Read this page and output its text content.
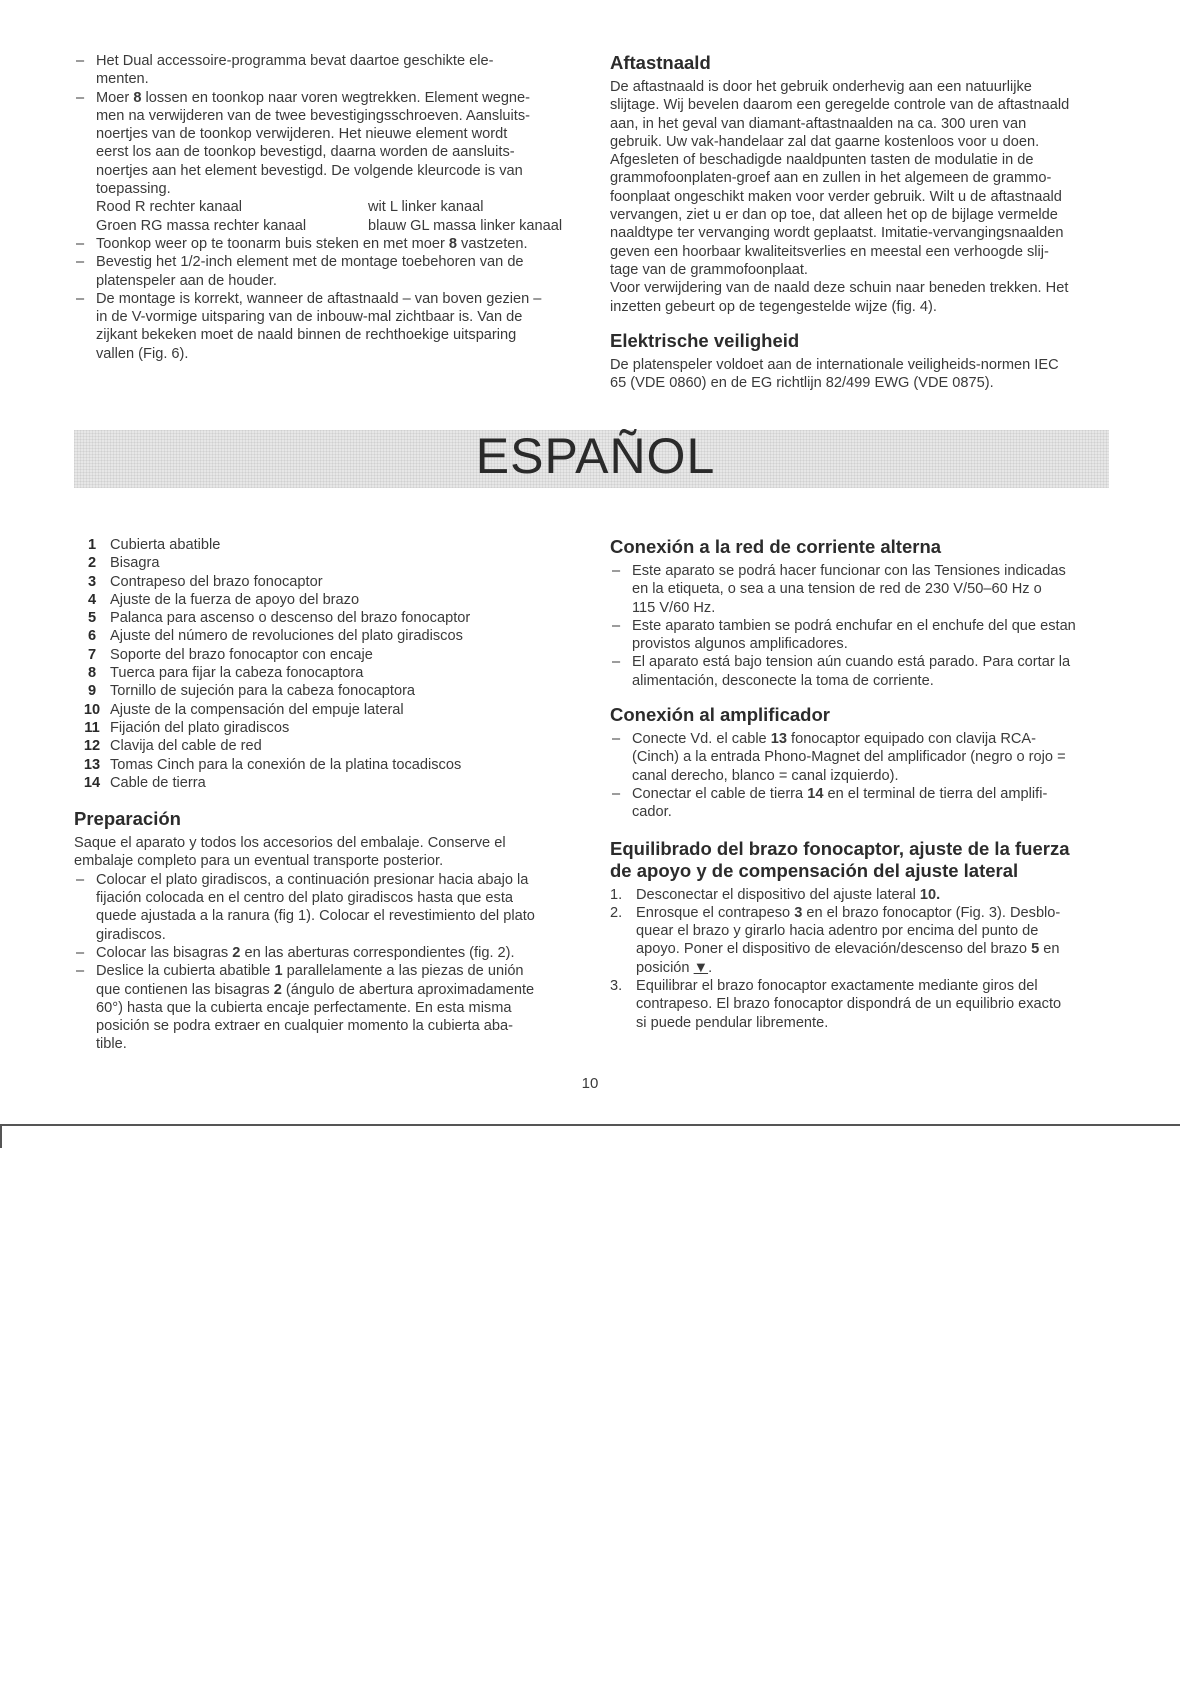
– Het Dual accessoire-programma bevat daartoe geschikte ele-

menten.

– Moer 8 lossen en toonkop naar voren wegtrekken. Element wegne-

men na verwijderen van de twee bevestigingsschroeven. Aansluits-

noertjes van de toonkop verwijderen. Het nieuwe element wordt

eerst los aan de toonkop bevestigd, daarna worden de aansluits-

noertjes aan het element bevestigd. De volgende kleurcode is van

toepassing.

Rood R rechter kanaal	wit L linker kanaal
Groen RG massa rechter kanaal	blauw GL massa linker kanaal

– Toonkop weer op te toonarm buis steken en met moer 8 vastzeten.

– Bevestig het 1/2-inch element met de montage toebehoren van de

platenspeler aan de houder.

– De montage is korrekt, wanneer de aftastnaald – van boven gezien –

in de V-vormige uitsparing van de inbouw-mal zichtbaar is. Van de

zijkant bekeken moet de naald binnen de rechthoekige uitsparing

vallen (Fig. 6).

Aftastnaald

De aftastnaald is door het gebruik onderhevig aan een natuurlijke

slijtage. Wij bevelen daarom een geregelde controle van de aftastnaald

aan, in het geval van diamant-aftastnaalden na ca. 300 uren van

gebruik. Uw vak-handelaar zal dat gaarne kostenloos voor u doen.

Afgesleten of beschadigde naaldpunten tasten de modulatie in de

grammofoonplaten-groef aan en zullen in het algemeen de grammo-

foonplaat ongeschikt maken voor verder gebruik. Wilt u de aftastnaald

vervangen, ziet u er dan op toe, dat alleen het op de bijlage vermelde

naaldtype ter vervanging wordt geplaatst. Imitatie-vervangingsnaalden

geven een hoorbaar kwaliteitsverlies en meestal een verhoogde slij-

tage van de grammofoonplaat.

Voor verwijdering van de naald deze schuin naar beneden trekken. Het

inzetten gebeurt op de tegengestelde wijze (fig. 4).

Elektrische veiligheid

De platenspeler voldoet aan de internationale veiligheids-normen IEC

65 (VDE 0860) en de EG richtlijn 82/499 EWG (VDE 0875).

ESPAÑOL
1 Cubierta abatible
2 Bisagra
3 Contrapeso del brazo fonocaptor
4 Ajuste de la fuerza de apoyo del brazo
5 Palanca para ascenso o descenso del brazo fonocaptor
6 Ajuste del número de revoluciones del plato giradiscos
7 Soporte del brazo fonocaptor con encaje
8 Tuerca para fijar la cabeza fonocaptora
9 Tornillo de sujeción para la cabeza fonocaptora
10 Ajuste de la compensación del empuje lateral
11 Fijación del plato giradiscos
12 Clavija del cable de red
13 Tomas Cinch para la conexión de la platina tocadiscos
14 Cable de tierra
Preparación

Saque el aparato y todos los accesorios del embalaje. Conserve el

embalaje completo para un eventual transporte posterior.

– Colocar el plato giradiscos, a continuación presionar hacia abajo la

fijación colocada en el centro del plato giradiscos hasta que esta

quede ajustada a la ranura (fig 1). Colocar el revestimiento del plato

giradiscos.

– Colocar las bisagras 2 en las aberturas correspondientes (fig. 2).

– Deslice la cubierta abatible 1 parallelamente a las piezas de unión

que contienen las bisagras 2 (ángulo de abertura aproximadamente

60°) hasta que la cubierta encaje perfectamente. En esta misma

posición se podra extraer en cualquier momento la cubierta aba-

tible.

Conexión a la red de corriente alterna

– Este aparato se podrá hacer funcionar con las Tensiones indicadas

en la etiqueta, o sea a una tension de red de 230 V/50–60 Hz o

115 V/60 Hz.

– Este aparato tambien se podrá enchufar en el enchufe del que estan

provistos algunos amplificadores.

– El aparato está bajo tension aún cuando está parado. Para cortar la

alimentación, desconecte la toma de corriente.

Conexión al amplificador

– Conecte Vd. el cable 13 fonocaptor equipado con clavija RCA-

(Cinch) a la entrada Phono-Magnet del amplificador (negro o rojo =

canal derecho, blanco = canal izquierdo).

– Conectar el cable de tierra 14 en el terminal de tierra del amplifi-

cador.

Equilibrado del brazo fonocaptor, ajuste de la fuerza
de apoyo y de compensación del ajuste lateral
1. Desconectar el dispositivo del ajuste lateral 10.

2. Enrosque el contrapeso 3 en el brazo fonocaptor (Fig. 3). Desblo-

quear el brazo y girarlo hacia adentro por encima del punto de

apoyo. Poner el dispositivo de elevación/descenso del brazo 5 en

posición ▼.

3. Equilibrar el brazo fonocaptor exactamente mediante giros del

contrapeso. El brazo fonocaptor dispondrá de un equilibrio exacto

si puede pendular libremente.

10
